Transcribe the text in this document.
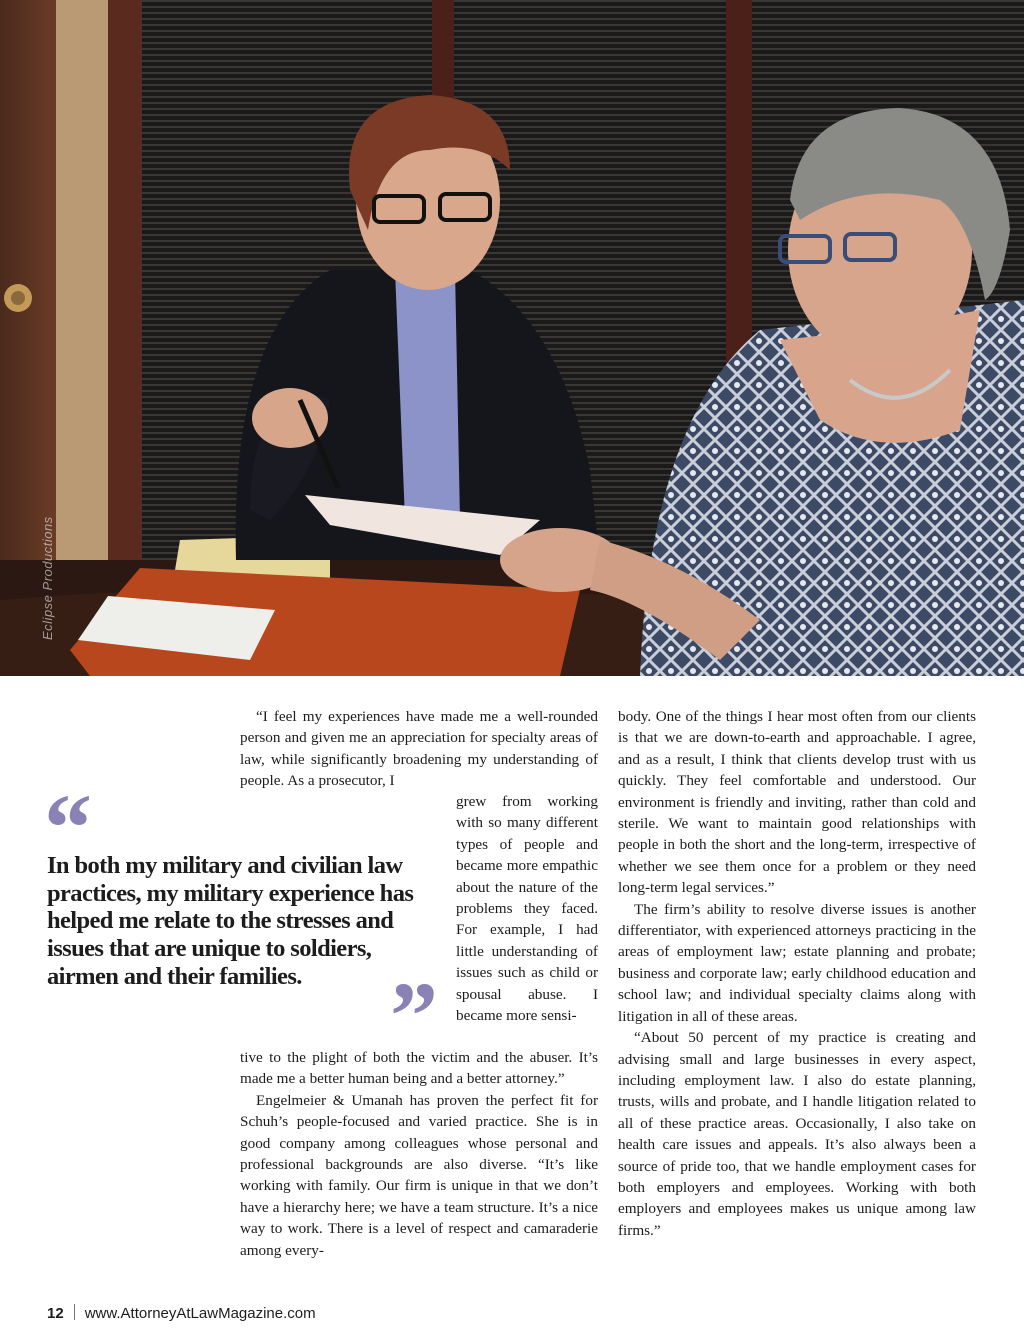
Eclipse Productions
“
In both my military and civilian law practices, my military experience has helped me relate to the stresses and issues that are unique to soldiers, airmen and their families. ”

“I feel my experiences have made me a well-rounded person and given me an appreciation for specialty areas of law, while significantly broadening my understanding of people. As a prosecutor, I

grew from working with so many different types of people and became more empathic about the nature of the problems they faced. For example, I had little understanding of issues such as child or spousal abuse. I became more sensi-

tive to the plight of both the victim and the abuser. It’s made me a better human being and a better attorney.”

Engelmeier & Umanah has proven the perfect fit for Schuh’s people-focused and varied practice. She is in good company among colleagues whose personal and professional backgrounds are also diverse. “It’s like working with family. Our firm is unique in that we don’t have a hierarchy here; we have a team structure. It’s a nice way to work. There is a level of respect and camaraderie among every-

body. One of the things I hear most often from our clients is that we are down-to-earth and approachable. I agree, and as a result, I think that clients develop trust with us quickly. They feel comfortable and understood. Our environment is friendly and inviting, rather than cold and sterile. We want to maintain good relationships with people in both the short and the long-term, irrespective of whether we see them once for a problem or they need long-term legal services.”

The firm’s ability to resolve diverse issues is another differentiator, with experienced attorneys practicing in the areas of employment law; estate planning and probate; business and corporate law; early childhood education and school law; and individual specialty claims along with litigation in all of these areas.

“About 50 percent of my practice is creating and advising small and large businesses in every aspect, including employment law. I also do estate planning, trusts, wills and probate, and I handle litigation related to all of these practice areas. Occasionally, I also take on health care issues and appeals. It’s also always been a source of pride too, that we handle employment cases for both employers and employees. Working with both employers and employees makes us unique among law firms.”

12 www.AttorneyAtLawMagazine.com
